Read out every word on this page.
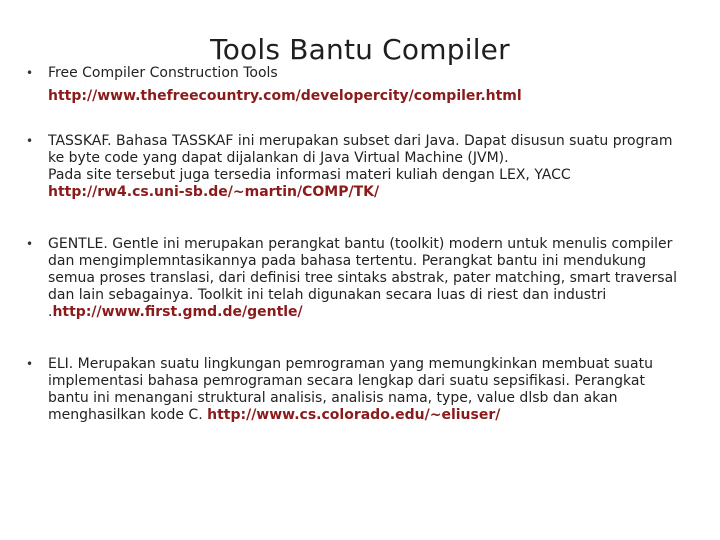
Tools Bantu Compiler
• Free Compiler Construction Tools
http://www.thefreecountry.com/developercity/compiler.html
• TASSKAF. Bahasa TASSKAF ini merupakan subset dari Java. Dapat disusun suatu program
ke byte code yang dapat dijalankan di Java Virtual Machine (JVM).
Pada site tersebut juga tersedia informasi materi kuliah dengan LEX, YACC
http://rw4.cs.uni-sb.de/~martin/COMP/TK/
• GENTLE. Gentle ini merupakan perangkat bantu (toolkit) modern untuk menulis compiler
dan mengimplemntasikannya pada bahasa tertentu. Perangkat bantu ini mendukung
semua proses translasi, dari definisi tree sintaks abstrak, pater matching, smart traversal
dan lain sebagainya. Toolkit ini telah digunakan secara luas di riest dan industri
.http://www.first.gmd.de/gentle/
• ELI. Merupakan suatu lingkungan pemrograman yang memungkinkan membuat suatu
implementasi bahasa pemrograman secara lengkap dari suatu sepsifikasi. Perangkat
bantu ini menangani struktural analisis, analisis nama, type, value dlsb dan akan
menghasilkan kode C. http://www.cs.colorado.edu/~eliuser/
